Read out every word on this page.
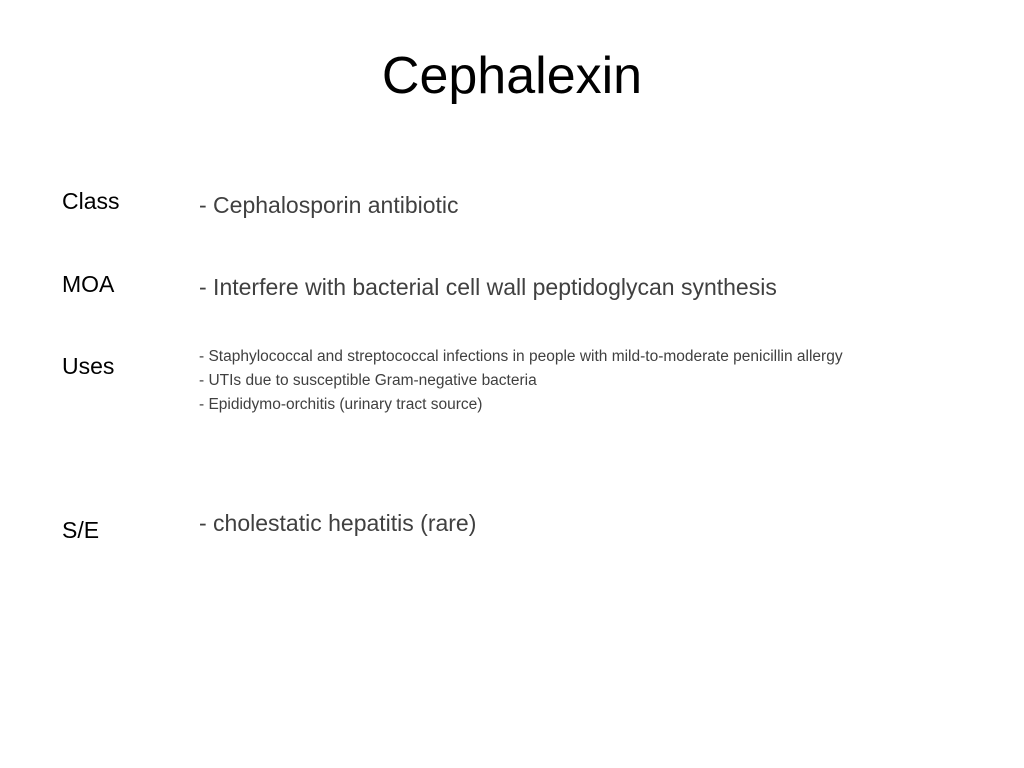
Cephalexin
Class	- Cephalosporin antibiotic
MOA	- Interfere with bacterial cell wall peptidoglycan synthesis
Uses	- Staphylococcal and streptococcal infections in people with mild-to-moderate penicillin allergy
- UTIs due to susceptible Gram-negative bacteria
- Epididymo-orchitis (urinary tract source)
S/E	- cholestatic hepatitis (rare)
